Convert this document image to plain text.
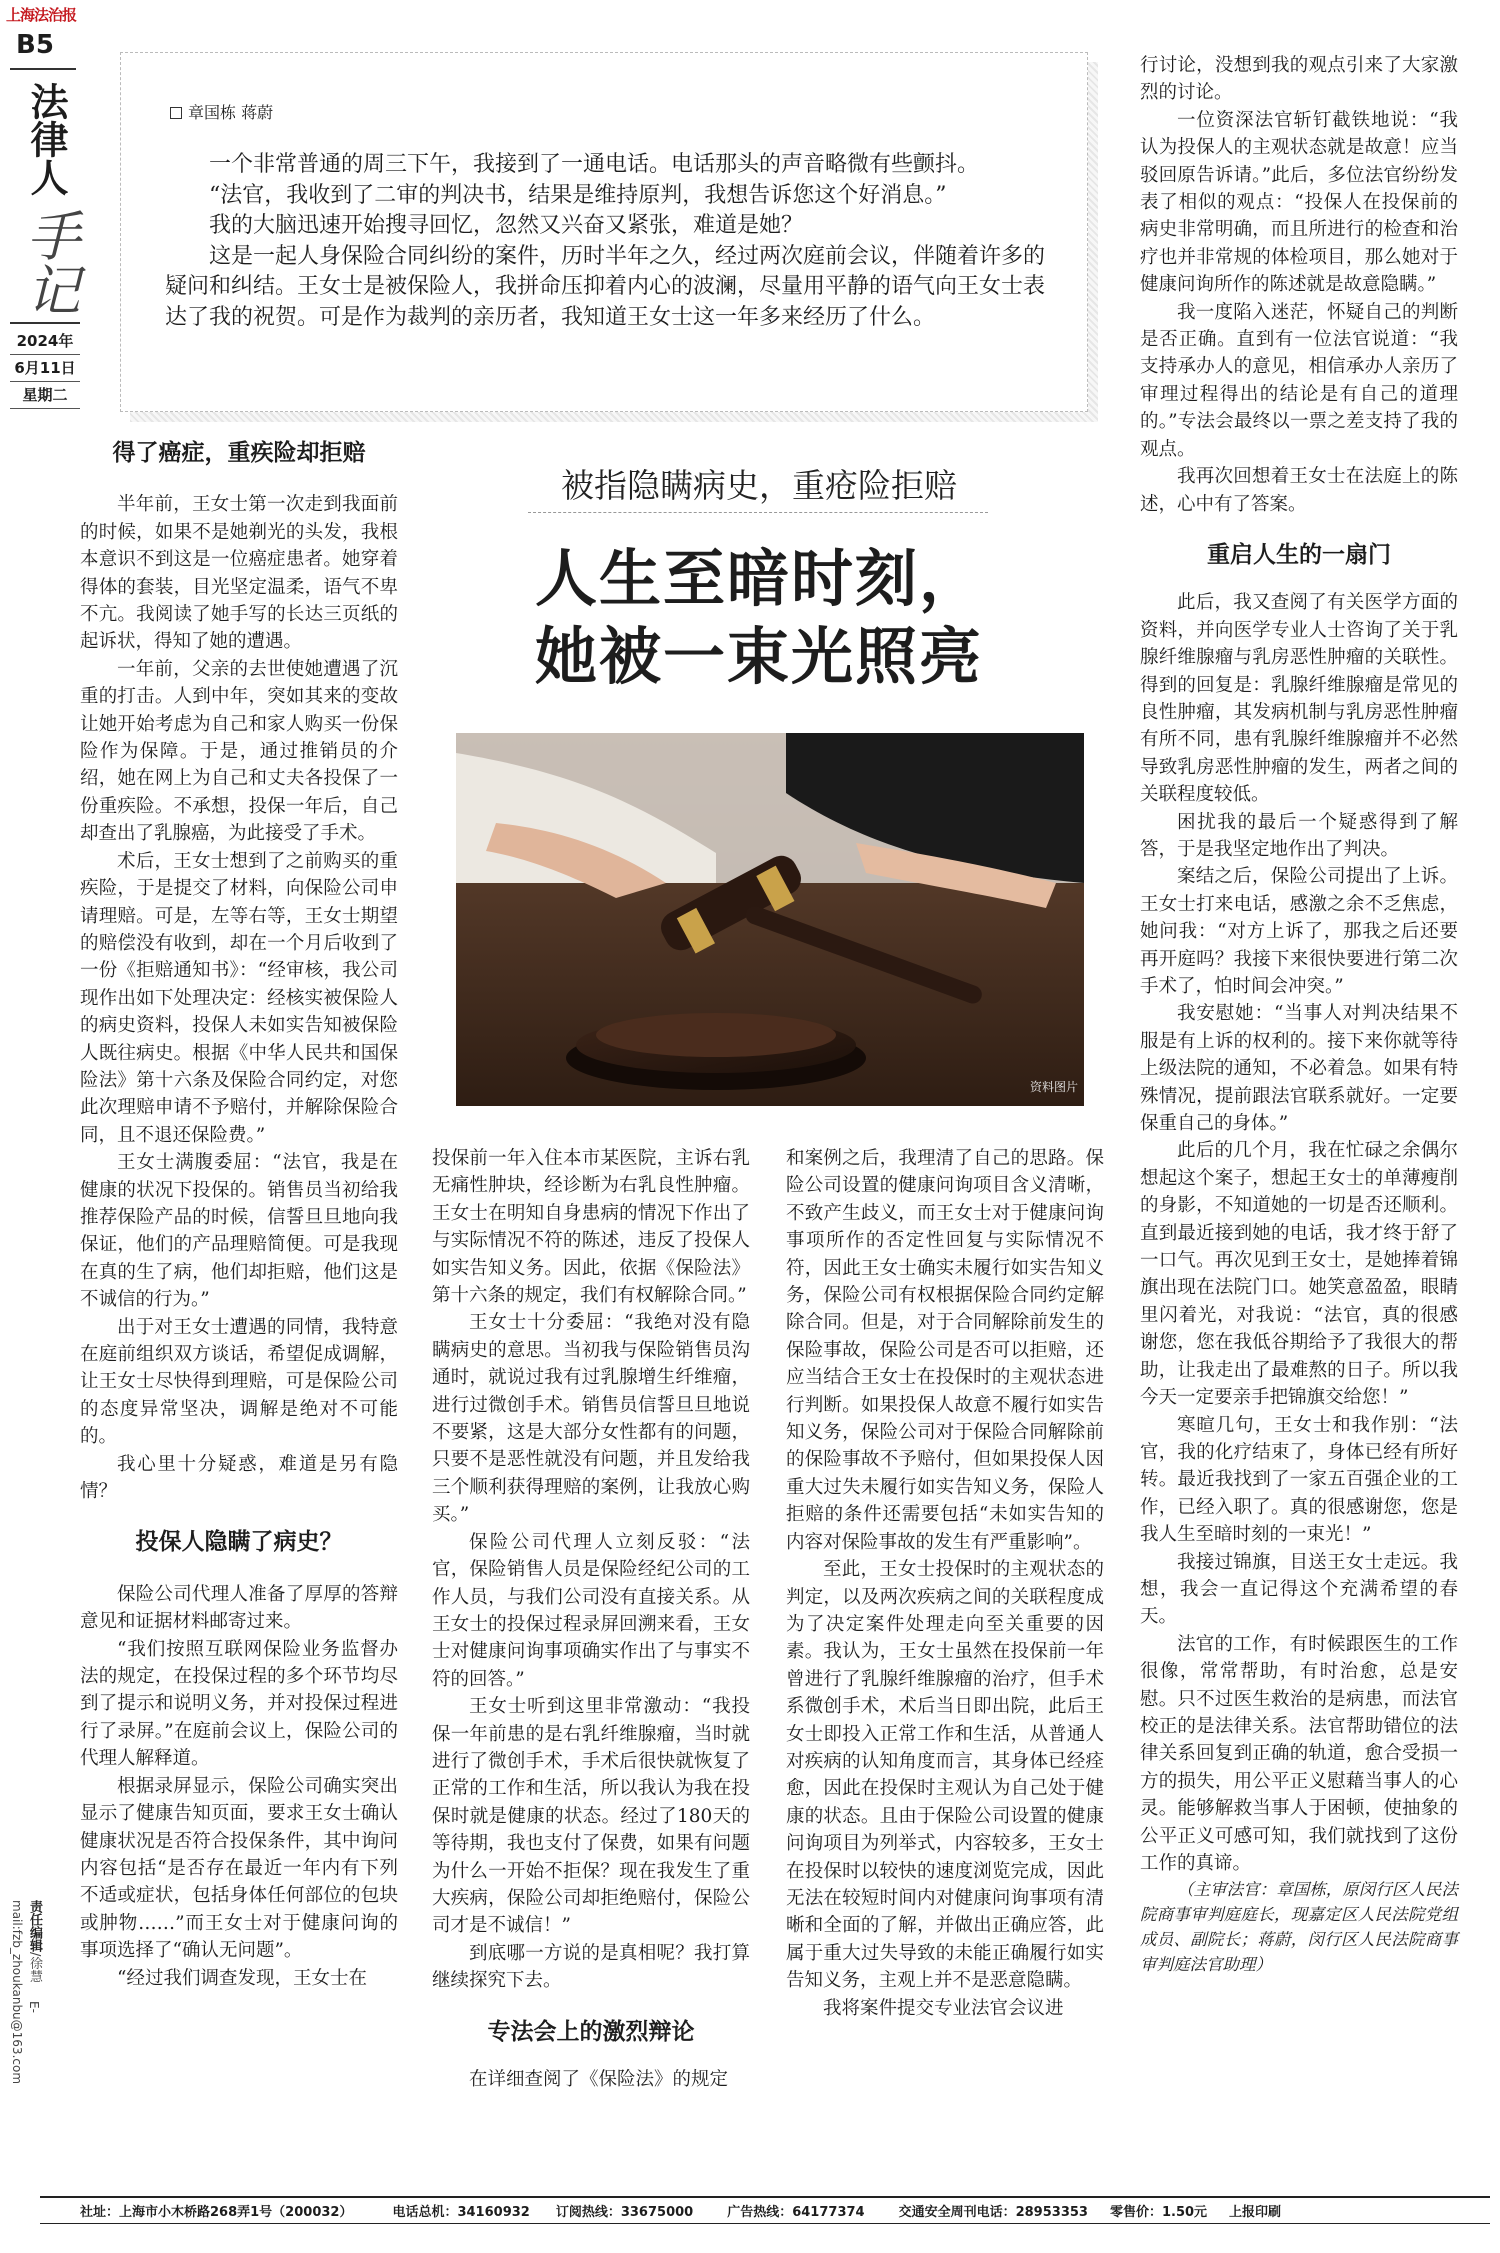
上海法治报
B5
法律人
手记
2024年
6月11日
星期二
责任编辑/徐慧 E-mail:fzb_zhoukanbu@163.com
章国栋 蒋蔚

一个非常普通的周三下午，我接到了一通电话。电话那头的声音略微有些颤抖。

“法官，我收到了二审的判决书，结果是维持原判，我想告诉您这个好消息。”

我的大脑迅速开始搜寻回忆，忽然又兴奋又紧张，难道是她？

这是一起人身保险合同纠纷的案件，历时半年之久，经过两次庭前会议，伴随着许多的疑问和纠结。王女士是被保险人，我拼命压抑着内心的波澜，尽量用平静的语气向王女士表达了我的祝贺。可是作为裁判的亲历者，我知道王女士这一年多来经历了什么。

得了癌症，重疾险却拒赔

半年前，王女士第一次走到我面前的时候，如果不是她剃光的头发，我根本意识不到这是一位癌症患者。她穿着得体的套装，目光坚定温柔，语气不卑不亢。我阅读了她手写的长达三页纸的起诉状，得知了她的遭遇。

一年前，父亲的去世使她遭遇了沉重的打击。人到中年，突如其来的变故让她开始考虑为自己和家人购买一份保险作为保障。于是，通过推销员的介绍，她在网上为自己和丈夫各投保了一份重疾险。不承想，投保一年后，自己却查出了乳腺癌，为此接受了手术。

术后，王女士想到了之前购买的重疾险，于是提交了材料，向保险公司申请理赔。可是，左等右等，王女士期望的赔偿没有收到，却在一个月后收到了一份《拒赔通知书》：“经审核，我公司现作出如下处理决定：经核实被保险人的病史资料，投保人未如实告知被保险人既往病史。根据《中华人民共和国保险法》第十六条及保险合同约定，对您此次理赔申请不予赔付，并解除保险合同，且不退还保险费。”

王女士满腹委屈：“法官，我是在健康的状况下投保的。销售员当初给我推荐保险产品的时候，信誓旦旦地向我保证，他们的产品理赔简便。可是我现在真的生了病，他们却拒赔，他们这是不诚信的行为。”

出于对王女士遭遇的同情，我特意在庭前组织双方谈话，希望促成调解，让王女士尽快得到理赔，可是保险公司的态度异常坚决，调解是绝对不可能的。

我心里十分疑惑，难道是另有隐情？

投保人隐瞒了病史？

保险公司代理人准备了厚厚的答辩意见和证据材料邮寄过来。

“我们按照互联网保险业务监督办法的规定，在投保过程的多个环节均尽到了提示和说明义务，并对投保过程进行了录屏。”在庭前会议上，保险公司的代理人解释道。

根据录屏显示，保险公司确实突出显示了健康告知页面，要求王女士确认健康状况是否符合投保条件，其中询问内容包括“是否存在最近一年内有下列不适或症状，包括身体任何部位的包块或肿物……”而王女士对于健康问询的事项选择了“确认无问题”。

“经过我们调查发现，王女士在

被指隐瞒病史，重疮险拒赔
人生至暗时刻，
她被一束光照亮
资料图片

投保前一年入住本市某医院，主诉右乳无痛性肿块，经诊断为右乳良性肿瘤。王女士在明知自身患病的情况下作出了与实际情况不符的陈述，违反了投保人如实告知义务。因此，依据《保险法》第十六条的规定，我们有权解除合同。”

王女士十分委屈：“我绝对没有隐瞒病史的意思。当初我与保险销售员沟通时，就说过我有过乳腺增生纤维瘤，进行过微创手术。销售员信誓旦旦地说不要紧，这是大部分女性都有的问题，只要不是恶性就没有问题，并且发给我三个顺利获得理赔的案例，让我放心购买。”

保险公司代理人立刻反驳：“法官，保险销售人员是保险经纪公司的工作人员，与我们公司没有直接关系。从王女士的投保过程录屏回溯来看，王女士对健康问询事项确实作出了与事实不符的回答。”

王女士听到这里非常激动：“我投保一年前患的是右乳纤维腺瘤，当时就进行了微创手术，手术后很快就恢复了正常的工作和生活，所以我认为我在投保时就是健康的状态。经过了180天的等待期，我也支付了保费，如果有问题为什么一开始不拒保？现在我发生了重大疾病，保险公司却拒绝赔付，保险公司才是不诚信！”

到底哪一方说的是真相呢？我打算继续探究下去。

专法会上的激烈辩论

在详细查阅了《保险法》的规定

和案例之后，我理清了自己的思路。保险公司设置的健康问询项目含义清晰，不致产生歧义，而王女士对于健康问询事项所作的否定性回复与实际情况不符，因此王女士确实未履行如实告知义务，保险公司有权根据保险合同约定解除合同。但是，对于合同解除前发生的保险事故，保险公司是否可以拒赔，还应当结合王女士在投保时的主观状态进行判断。如果投保人故意不履行如实告知义务，保险公司对于保险合同解除前的保险事故不予赔付，但如果投保人因重大过失未履行如实告知义务，保险人拒赔的条件还需要包括“未如实告知的内容对保险事故的发生有严重影响”。

至此，王女士投保时的主观状态的判定，以及两次疾病之间的关联程度成为了决定案件处理走向至关重要的因素。我认为，王女士虽然在投保前一年曾进行了乳腺纤维腺瘤的治疗，但手术系微创手术，术后当日即出院，此后王女士即投入正常工作和生活，从普通人对疾病的认知角度而言，其身体已经痊愈，因此在投保时主观认为自己处于健康的状态。且由于保险公司设置的健康问询项目为列举式，内容较多，王女士在投保时以较快的速度浏览完成，因此无法在较短时间内对健康问询事项有清晰和全面的了解，并做出正确应答，此属于重大过失导致的未能正确履行如实告知义务，主观上并不是恶意隐瞒。

我将案件提交专业法官会议进

行讨论，没想到我的观点引来了大家激烈的讨论。

一位资深法官斩钉截铁地说：“我认为投保人的主观状态就是故意！应当驳回原告诉请。”此后，多位法官纷纷发表了相似的观点：“投保人在投保前的病史非常明确，而且所进行的检查和治疗也并非常规的体检项目，那么她对于健康问询所作的陈述就是故意隐瞒。”

我一度陷入迷茫，怀疑自己的判断是否正确。直到有一位法官说道：“我支持承办人的意见，相信承办人亲历了审理过程得出的结论是有自己的道理的。”专法会最终以一票之差支持了我的观点。

我再次回想着王女士在法庭上的陈述，心中有了答案。

重启人生的一扇门

此后，我又查阅了有关医学方面的资料，并向医学专业人士咨询了关于乳腺纤维腺瘤与乳房恶性肿瘤的关联性。得到的回复是：乳腺纤维腺瘤是常见的良性肿瘤，其发病机制与乳房恶性肿瘤有所不同，患有乳腺纤维腺瘤并不必然导致乳房恶性肿瘤的发生，两者之间的关联程度较低。

困扰我的最后一个疑惑得到了解答，于是我坚定地作出了判决。

案结之后，保险公司提出了上诉。王女士打来电话，感激之余不乏焦虑，她问我：“对方上诉了，那我之后还要再开庭吗？我接下来很快要进行第二次手术了，怕时间会冲突。”

我安慰她：“当事人对判决结果不服是有上诉的权利的。接下来你就等待上级法院的通知，不必着急。如果有特殊情况，提前跟法官联系就好。一定要保重自己的身体。”

此后的几个月，我在忙碌之余偶尔想起这个案子，想起王女士的单薄瘦削的身影，不知道她的一切是否还顺利。直到最近接到她的电话，我才终于舒了一口气。再次见到王女士，是她捧着锦旗出现在法院门口。她笑意盈盈，眼睛里闪着光，对我说：“法官，真的很感谢您，您在我低谷期给予了我很大的帮助，让我走出了最难熬的日子。所以我今天一定要亲手把锦旗交给您！”

寒暄几句，王女士和我作别：“法官，我的化疗结束了，身体已经有所好转。最近我找到了一家五百强企业的工作，已经入职了。真的很感谢您，您是我人生至暗时刻的一束光！”

我接过锦旗，目送王女士走远。我想，我会一直记得这个充满希望的春天。

法官的工作，有时候跟医生的工作很像，常常帮助，有时治愈，总是安慰。只不过医生救治的是病患，而法官校正的是法律关系。法官帮助错位的法律关系回复到正确的轨道，愈合受损一方的损失，用公平正义慰藉当事人的心灵。能够解救当事人于困顿，使抽象的公平正义可感可知，我们就找到了这份工作的真谛。

（主审法官：章国栋，原闵行区人民法院商事审判庭庭长，现嘉定区人民法院党组成员、副院长；蒋蔚，闵行区人民法院商事审判庭法官助理）

社址：上海市小木桥路268弄1号（200032）	电话总机：34160932 订阅热线：33675000	广告热线：64177374	交通安全周刊电话：28953353 零售价：1.50元 上报印刷
